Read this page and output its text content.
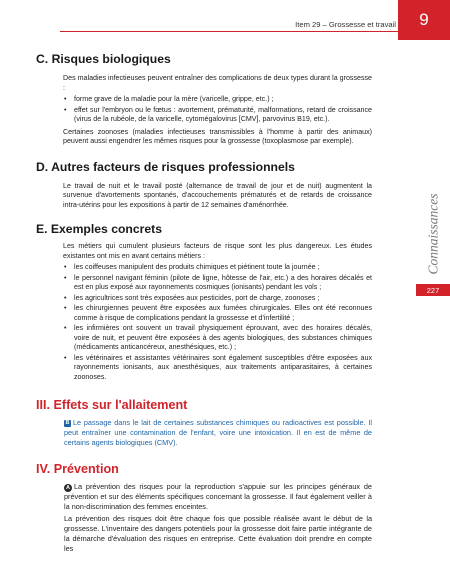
Item 29 – Grossesse et travail	9
Connaissances
227
C. Risques biologiques

Des maladies infectieuses peuvent entraîner des complications de deux types durant la grossesse :

• forme grave de la maladie pour la mère (varicelle, grippe, etc.) ;
• effet sur l'embryon ou le fœtus : avortement, prématurité, malformations, retard de croissance (virus de la rubéole, de la varicelle, cytomégalovirus [CMV], parvovirus B19, etc.).

Certaines zoonoses (maladies infectieuses transmissibles à l'homme à partir des animaux) peuvent aussi engendrer les mêmes risques pour la grossesse (toxoplasmose par exemple).

D. Autres facteurs de risques professionnels

Le travail de nuit et le travail posté (alternance de travail de jour et de nuit) augmentent la survenue d'avortements spontanés, d'accouchements prématurés et de retards de croissance intra-utérins pour les expositions à partir de 12 semaines d'aménorrhée.

E. Exemples concrets

Les métiers qui cumulent plusieurs facteurs de risque sont les plus dangereux. Les études existantes ont mis en avant certains métiers :

• les coiffeuses manipulent des produits chimiques et piétinent toute la journée ;
• le personnel navigant féminin (pilote de ligne, hôtesse de l'air, etc.) a des horaires décalés et est en plus exposé aux rayonnements cosmiques (ionisants) pendant les vols ;
• les agricultrices sont très exposées aux pesticides, port de charge, zoonoses ;
• les chirurgiennes peuvent être exposées aux fumées chirurgicales. Elles ont été reconnues comme à risque de complications pendant la grossesse et d'infertilité ;
• les infirmières ont souvent un travail physiquement éprouvant, avec des horaires décalés, voire de nuit, et peuvent être exposées à des agents biologiques, des substances chimiques (médicaments anticancéreux, anesthésiques, etc.) ;
• les vétérinaires et assistantes vétérinaires sont également susceptibles d'être exposées aux rayonnements ionisants, aux anesthésiques, aux traitements antiparasitaires, à certaines zoonoses.
III. Effets sur l'allaitement

B Le passage dans le lait de certaines substances chimiques ou radioactives est possible. Il peut entraîner une contamination de l'enfant, voire une intoxication. Il en est de même de certains agents biologiques (CMV).

IV. Prévention

A La prévention des risques pour la reproduction s'appuie sur les principes généraux de prévention et sur des éléments spécifiques concernant la grossesse. Il faut également veiller à la non-discrimination des femmes enceintes.

La prévention des risques doit être chaque fois que possible réalisée avant le début de la grossesse. L'inventaire des dangers potentiels pour la grossesse doit faire partie intégrante de la démarche d'évaluation des risques en entreprise. Cette évaluation doit prendre en compte les
